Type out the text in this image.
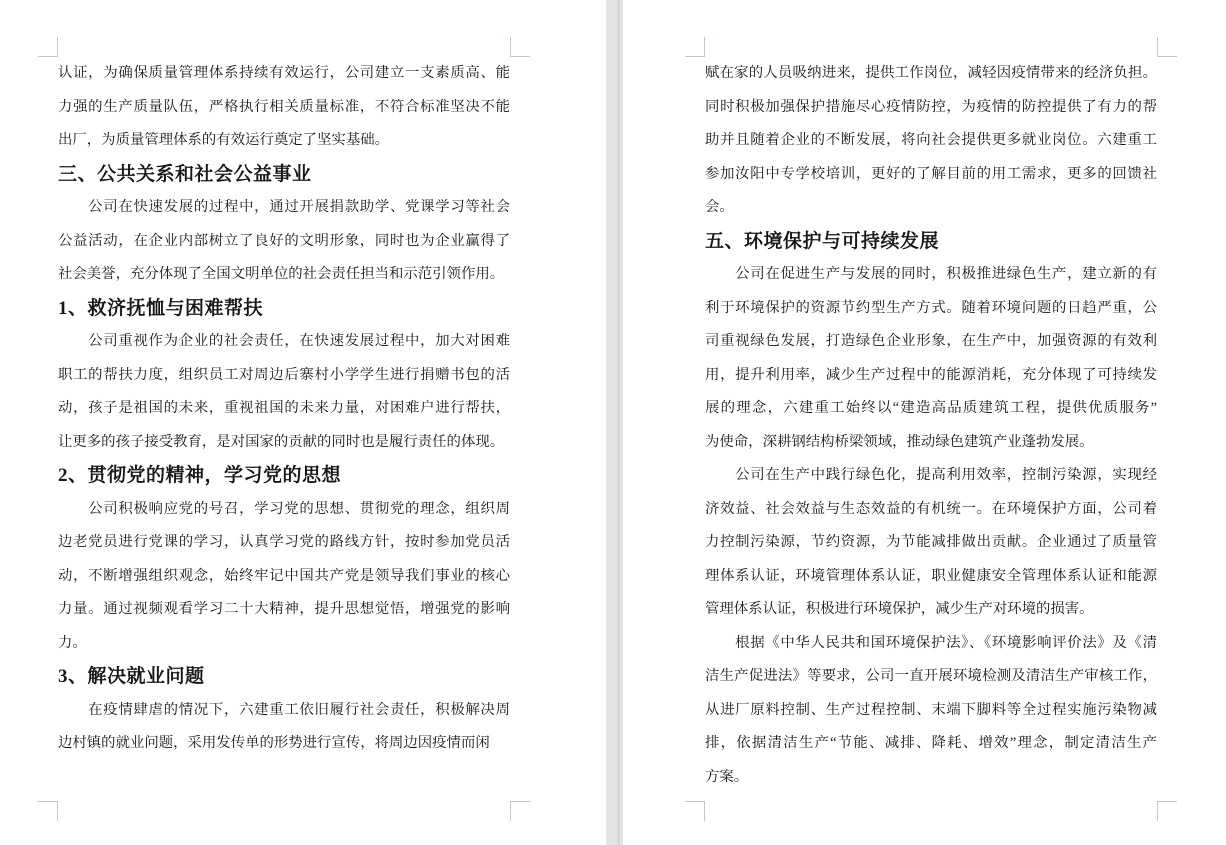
认证，为确保质量管理体系持续有效运行，公司建立一支素质高、能
力强的生产质量队伍，严格执行相关质量标准，不符合标准坚决不能
出厂，为质量管理体系的有效运行奠定了坚实基础。
三、公共关系和社会公益事业
　　公司在快速发展的过程中，通过开展捐款助学、党课学习等社会
公益活动，在企业内部树立了良好的文明形象，同时也为企业赢得了
社会美誉，充分体现了全国文明单位的社会责任担当和示范引领作用。
1、救济抚恤与困难帮扶
　　公司重视作为企业的社会责任，在快速发展过程中，加大对困难
职工的帮扶力度，组织员工对周边后寨村小学学生进行捐赠书包的活
动，孩子是祖国的未来，重视祖国的未来力量，对困难户进行帮扶，
让更多的孩子接受教育，是对国家的贡献的同时也是履行责任的体现。
2、贯彻党的精神，学习党的思想
　　公司积极响应党的号召，学习党的思想、贯彻党的理念，组织周
边老党员进行党课的学习，认真学习党的路线方针，按时参加党员活
动，不断增强组织观念，始终牢记中国共产党是领导我们事业的核心
力量。通过视频观看学习二十大精神，提升思想觉悟，增强党的影响
力。
3、解决就业问题
　　在疫情肆虐的情况下，六建重工依旧履行社会责任，积极解决周
边村镇的就业问题，采用发传单的形势进行宣传，将周边因疫情而闲
赋在家的人员吸纳进来，提供工作岗位，减轻因疫情带来的经济负担。
同时积极加强保护措施尽心疫情防控，为疫情的防控提供了有力的帮
助并且随着企业的不断发展，将向社会提供更多就业岗位。六建重工
参加汝阳中专学校培训，更好的了解目前的用工需求，更多的回馈社
会。
五、环境保护与可持续发展
　　公司在促进生产与发展的同时，积极推进绿色生产，建立新的有
利于环境保护的资源节约型生产方式。随着环境问题的日趋严重，公
司重视绿色发展，打造绿色企业形象，在生产中，加强资源的有效利
用，提升利用率，减少生产过程中的能源消耗，充分体现了可持续发
展的理念，六建重工始终以“建造高品质建筑工程，提供优质服务”
为使命，深耕钢结构桥梁领域，推动绿色建筑产业蓬勃发展。
　　公司在生产中践行绿色化，提高利用效率，控制污染源，实现经
济效益、社会效益与生态效益的有机统一。在环境保护方面，公司着
力控制污染源，节约资源，为节能减排做出贡献。企业通过了质量管
理体系认证，环境管理体系认证，职业健康安全管理体系认证和能源
管理体系认证，积极进行环境保护，减少生产对环境的损害。
　　根据《中华人民共和国环境保护法》、《环境影响评价法》及《清
洁生产促进法》等要求，公司一直开展环境检测及清洁生产审核工作，
从进厂原料控制、生产过程控制、末端下脚料等全过程实施污染物减
排，依据清洁生产“节能、减排、降耗、增效”理念，制定清洁生产
方案。
